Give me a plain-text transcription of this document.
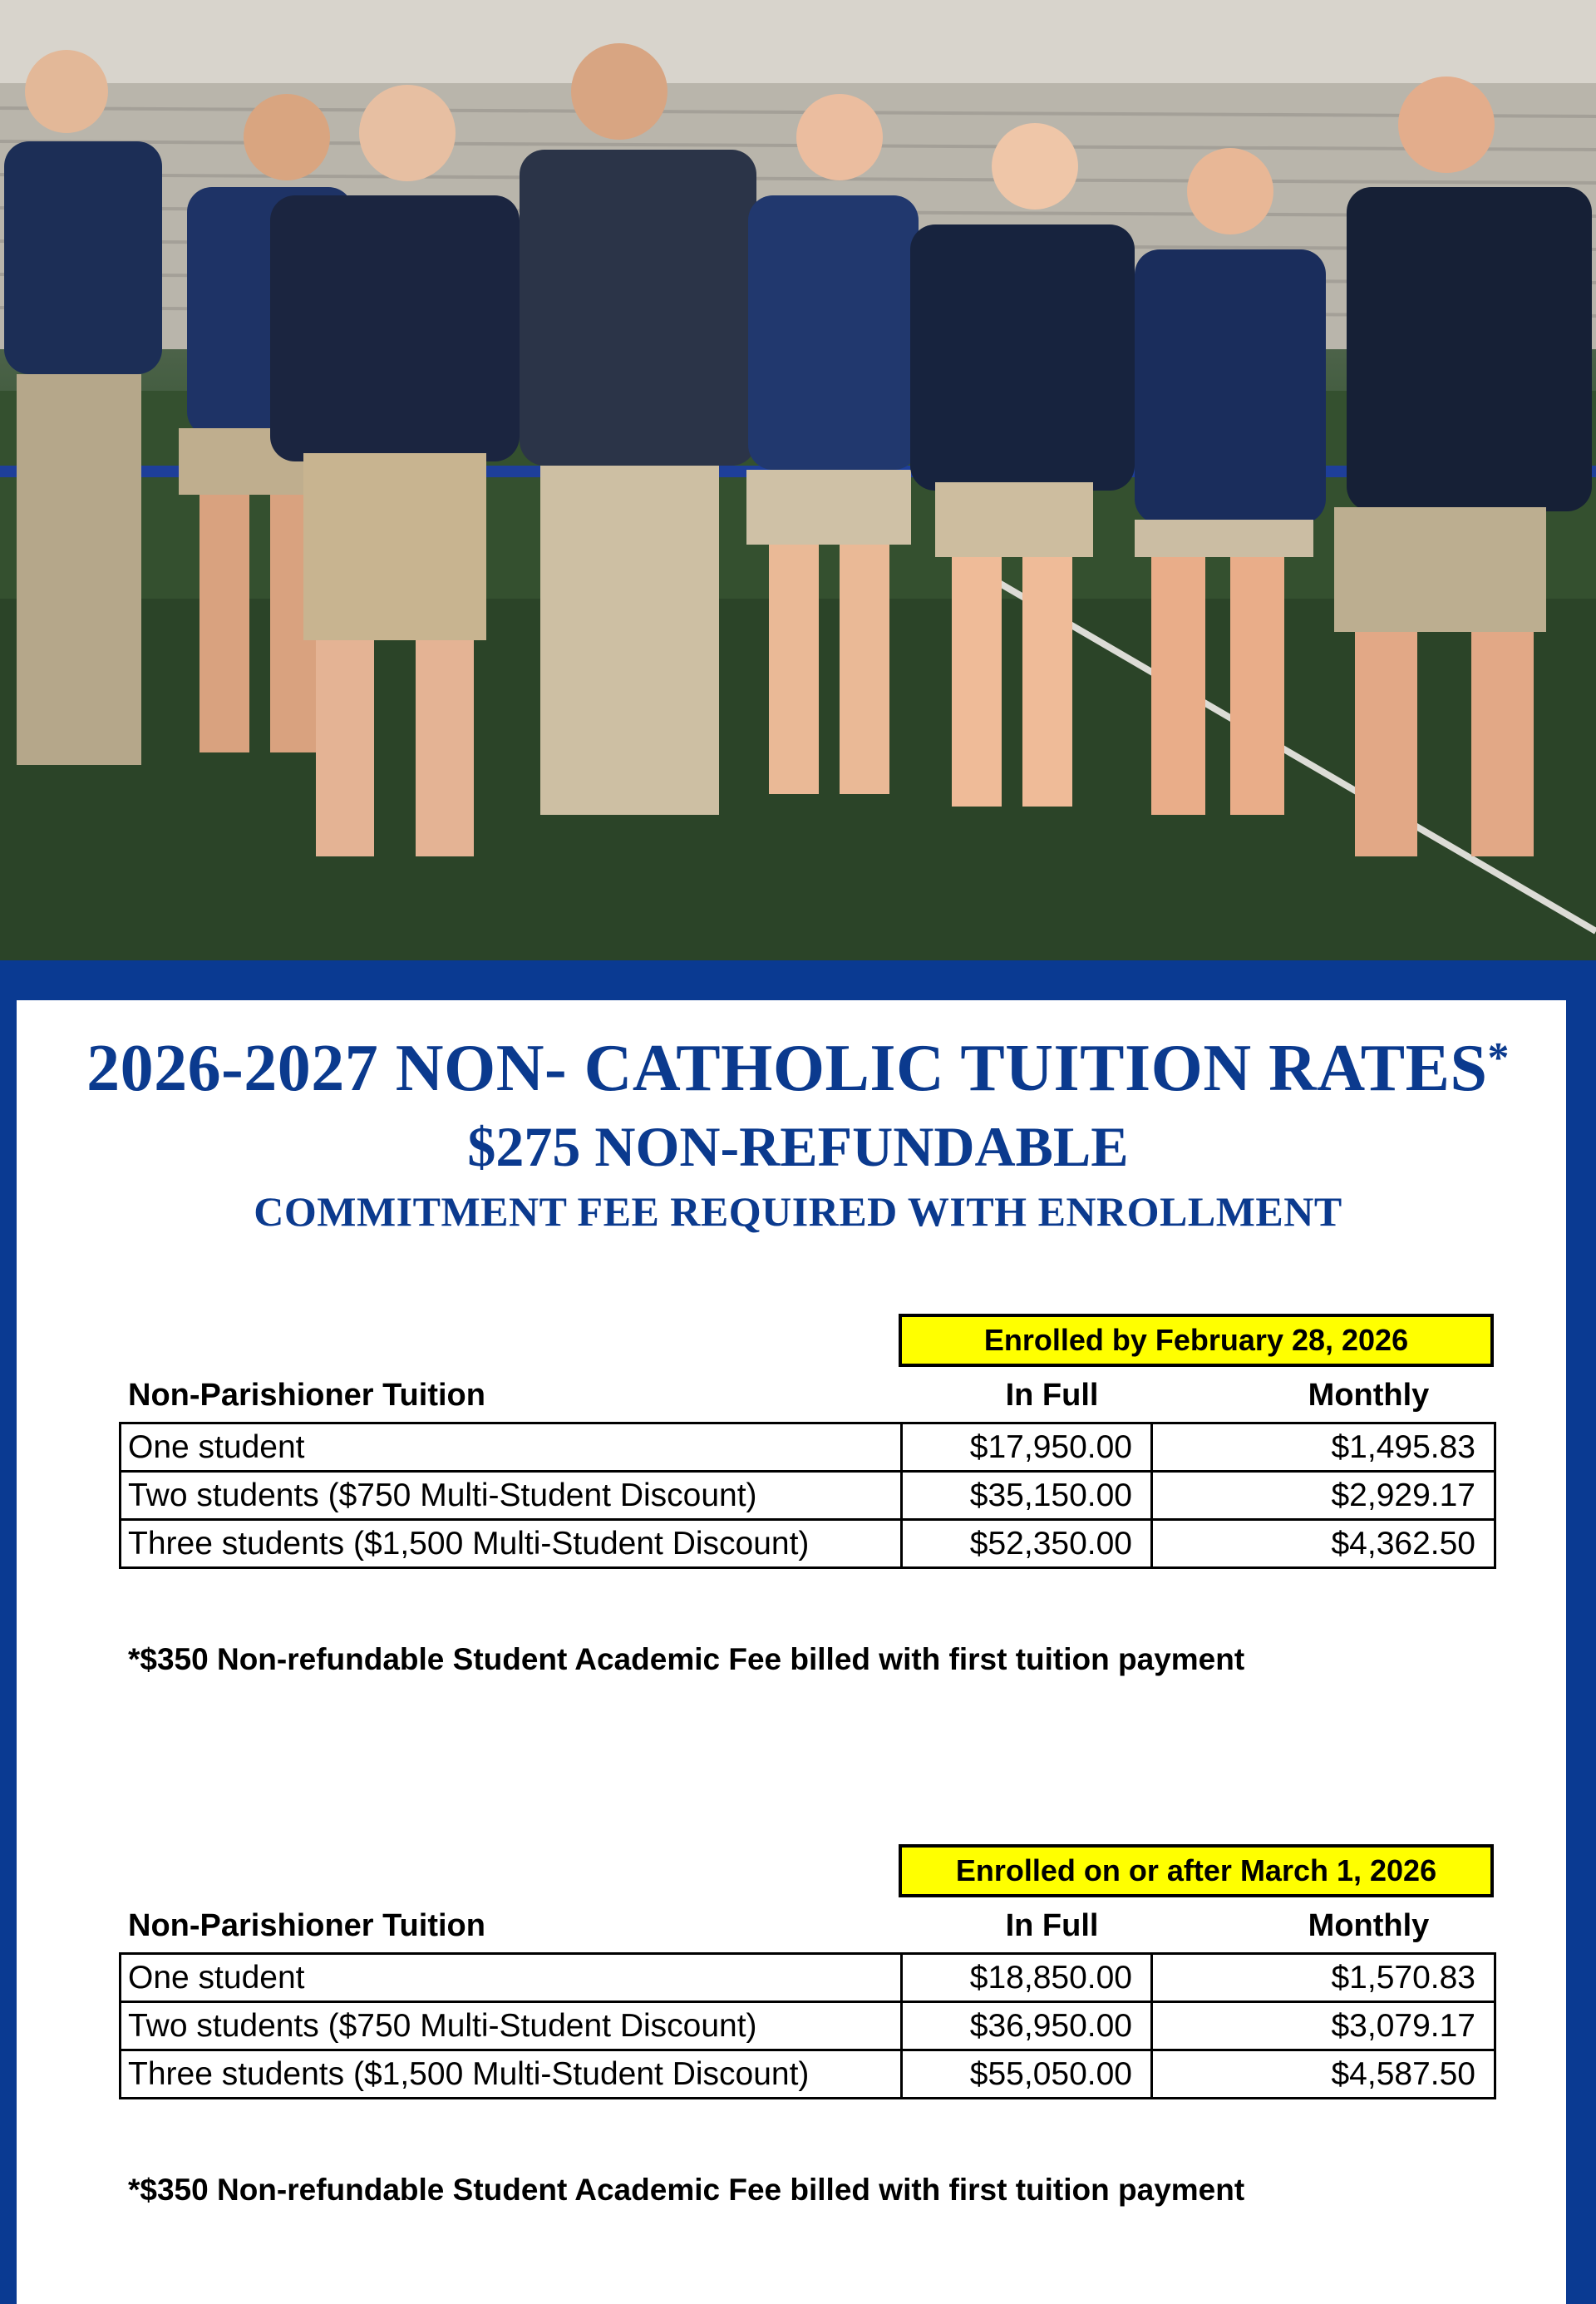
2026-2027 NON- CATHOLIC TUITION RATES*
$275 NON-REFUNDABLE
COMMITMENT FEE REQUIRED WITH ENROLLMENT
Enrolled by February 28, 2026
Non-Parishioner Tuition	In Full	Monthly
One student	$17,950.00	$1,495.83
Two students ($750 Multi-Student Discount)	$35,150.00	$2,929.17
Three students ($1,500 Multi-Student Discount)	$52,350.00	$4,362.50
*$350 Non-refundable Student Academic Fee billed with first tuition payment
Enrolled on or after March 1, 2026
Non-Parishioner Tuition	In Full	Monthly
One student	$18,850.00	$1,570.83
Two students ($750 Multi-Student Discount)	$36,950.00	$3,079.17
Three students ($1,500 Multi-Student Discount)	$55,050.00	$4,587.50
*$350 Non-refundable Student Academic Fee billed with first tuition payment
